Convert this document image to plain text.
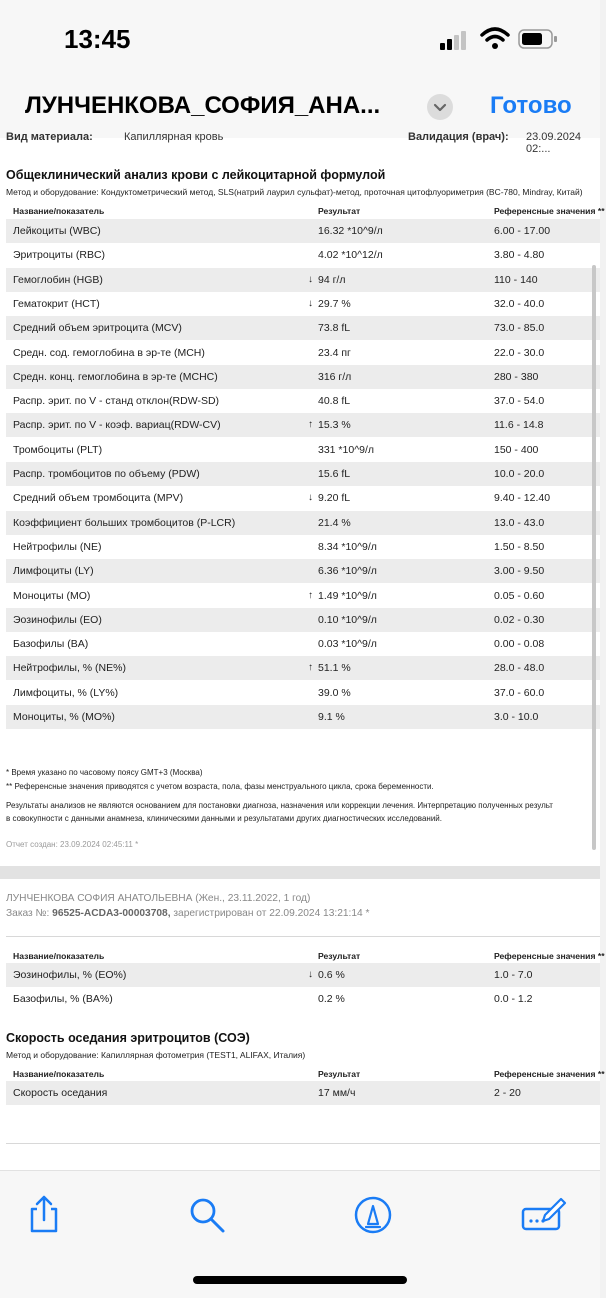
13:45
ЛУНЧЕНКОВА_СОФИЯ_АНА...	Готово
Вид материала:	Капиллярная кровь	Валидация (врач): 23.09.2024 02:...
Общеклинический анализ крови с лейкоцитарной формулой
Метод и оборудование: Кондуктометрический метод, SLS(натрий лаурил сульфат)-метод, проточная цитофлуориметрия (BC-780, Mindray, Китай)
Название/показатель	Результат	Референсные значения **
Лейкоциты (WBC)	16.32 *10^9/л	6.00 - 17.00
Эритроциты (RBC)	4.02 *10^12/л	3.80 - 4.80
Гемоглобин (HGB)	94 г/л	110 - 140
↓
Гематокрит (HCT)	29.7 %	32.0 - 40.0
↓
Средний объем эритроцита (MCV)	73.8 fL	73.0 - 85.0
Средн. сод. гемоглобина в эр-те (MCH)	23.4 пг	22.0 - 30.0
Средн. конц. гемоглобина в эр-те (MCHC)	316 г/л	280 - 380
Распр. эрит. по V - станд отклон(RDW-SD)	40.8 fL	37.0 - 54.0
Распр. эрит. по V - коэф. вариац(RDW-CV)	15.3 %	11.6 - 14.8
↑
Тромбоциты (PLT)	331 *10^9/л	150 - 400
Распр. тромбоцитов по объему (PDW)	15.6 fL	10.0 - 20.0
Средний объем тромбоцита (MPV)	9.20 fL	9.40 - 12.40
↓
Коэффициент больших тромбоцитов (P-LCR)	21.4 %	13.0 - 43.0
Нейтрофилы (NE)	8.34 *10^9/л	1.50 - 8.50
Лимфоциты (LY)	6.36 *10^9/л	3.00 - 9.50
Моноциты (MO)	1.49 *10^9/л	0.05 - 0.60
↑
Эозинофилы (EO)	0.10 *10^9/л	0.02 - 0.30
Базофилы (BA)	0.03 *10^9/л	0.00 - 0.08
Нейтрофилы, % (NE%)	51.1 %	28.0 - 48.0
↑
Лимфоциты, % (LY%)	39.0 %	37.0 - 60.0
Моноциты, % (MO%)	9.1 %	3.0 - 10.0
* Время указано по часовому поясу GMT+3 (Москва)
** Референсные значения приводятся с учетом возраста, пола, фазы менструального цикла, срока беременности.
Результаты анализов не являются основанием для постановки диагноза, назначения или коррекции лечения. Интерпретацию полученных результ
в совокупности с данными анамнеза, клиническими данными и результатами других диагностических исследований.
Отчет создан: 23.09.2024 02:45:11 *
ЛУНЧЕНКОВА СОФИЯ АНАТОЛЬЕВНА (Жен., 23.11.2022, 1 год)
Заказ №: 96525-ACDA3-00003708, зарегистрирован от 22.09.2024 13:21:14 *
Название/показатель	Результат	Референсные значения **
Эозинофилы, % (EO%)	0.6 %	1.0 - 7.0
↓
Базофилы, % (BA%)	0.2 %	0.0 - 1.2
Скорость оседания эритроцитов (СОЭ)
Метод и оборудование: Капиллярная фотометрия (TEST1, ALIFAX, Италия)
Название/показатель	Результат	Референсные значения **
Скорость оседания	17 мм/ч	2 - 20
